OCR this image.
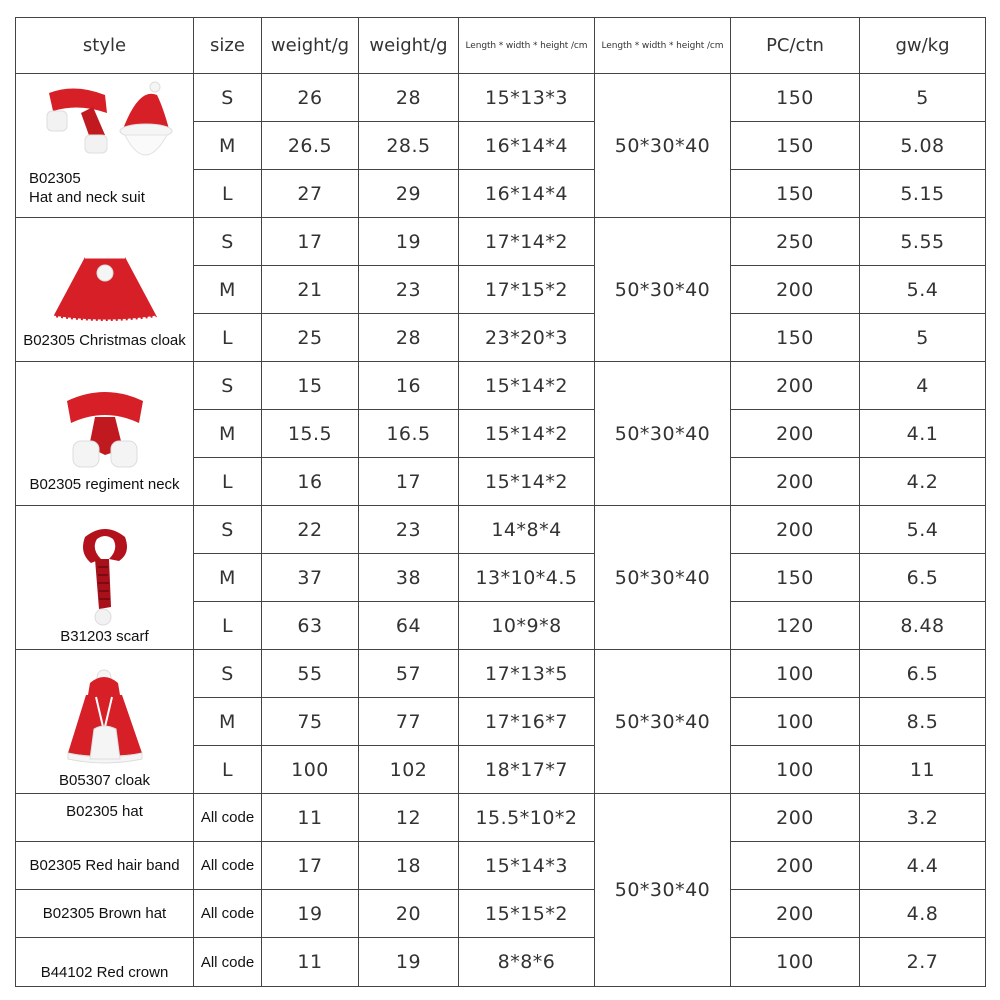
style	size	weight/g	weight/g	Length * width * height /cm	Length * width * height /cm	PC/ctn	gw/kg

B02305
Hat and neck suit	S	26	28	15*13*3	50*30*40	150	5
	M	26.5	28.5	16*14*4		150	5.08
	L	27	29	16*14*4		150	5.15

B02305 Christmas cloak	S	17	19	17*14*2	50*30*40	250	5.55
	M	21	23	17*15*2		200	5.4
	L	25	28	23*20*3		150	5

B02305 regiment neck	S	15	16	15*14*2	50*30*40	200	4
	M	15.5	16.5	15*14*2		200	4.1
	L	16	17	15*14*2		200	4.2

B31203 scarf	S	22	23	14*8*4	50*30*40	200	5.4
	M	37	38	13*10*4.5		150	6.5
	L	63	64	10*9*8		120	8.48

B05307 cloak	S	55	57	17*13*5	50*30*40	100	6.5
	M	75	77	17*16*7		100	8.5
	L	100	102	18*17*7		100	11

B02305 hat	All code	11	12	15.5*10*2	50*30*40	200	3.2

B02305 Red hair band	All code	17	18	15*14*3		200	4.4

B02305 Brown hat	All code	19	20	15*15*2		200	4.8

B44102 Red crown	All code	11	19	8*8*6		100	2.7
